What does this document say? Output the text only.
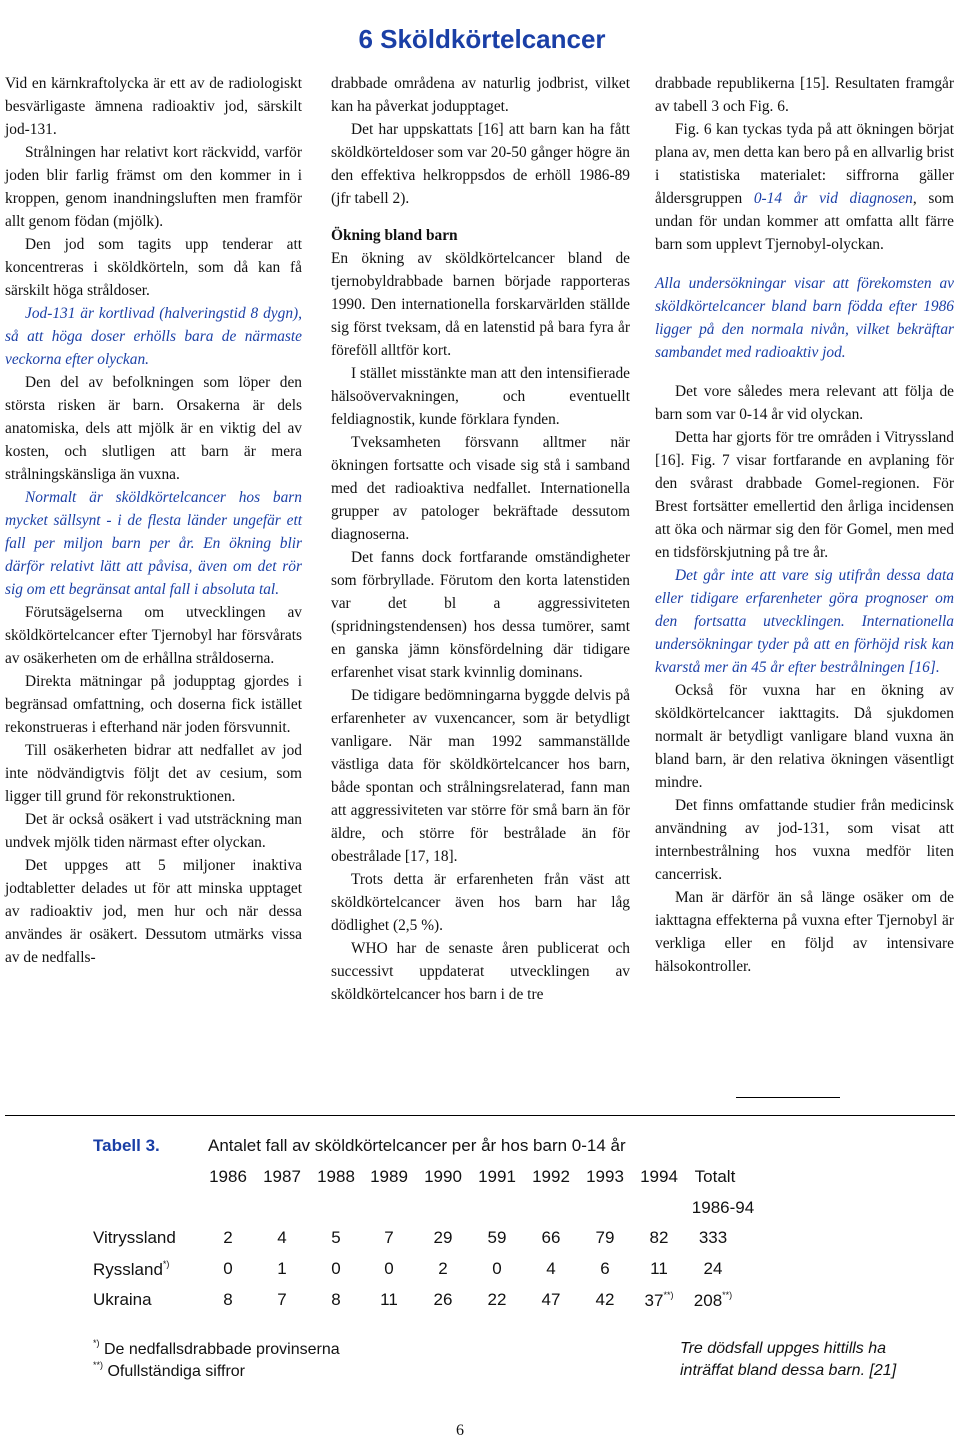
6 Sköldkörtelcancer

Vid en kärnkraftolycka är ett av de radiologiskt besvärligaste ämnena radioaktiv jod, särskilt jod-131.

Strålningen har relativt kort räckvidd, varför joden blir farlig främst om den kommer in i kroppen, genom inandningsluften men framför allt genom födan (mjölk).

Den jod som tagits upp tenderar att koncentreras i sköldkörteln, som då kan få särskilt höga stråldoser.

Jod-131 är kortlivad (halveringstid 8 dygn), så att höga doser erhölls bara de närmaste veckorna efter olyckan.

Den del av befolkningen som löper den största risken är barn. Orsakerna är dels anatomiska, dels att mjölk är en viktig del av kosten, och slutligen att barn är mera strålningskänsliga än vuxna.

Normalt är sköldkörtelcancer hos barn mycket sällsynt - i de flesta länder ungefär ett fall per miljon barn per år. En ökning blir därför relativt lätt att påvisa, även om det rör sig om ett begränsat antal fall i absoluta tal.

Förutsägelserna om utvecklingen av sköldkörtelcancer efter Tjernobyl har försvårats av osäkerheten om de erhållna stråldoserna.

Direkta mätningar på jodupptag gjordes i begränsad omfattning, och doserna fick istället rekonstrueras i efterhand när joden försvunnit.

Till osäkerheten bidrar att nedfallet av jod inte nödvändigtvis följt det av cesium, som ligger till grund för rekonstruktionen.

Det är också osäkert i vad utsträckning man undvek mjölk tiden närmast efter olyckan.

Det uppges att 5 miljoner inaktiva jodtabletter delades ut för att minska upptaget av radioaktiv jod, men hur och när dessa användes är osäkert. Dessutom utmärks vissa av de nedfalls-

drabbade områdena av naturlig jodbrist, vilket kan ha påverkat jodupptaget.

Det har uppskattats [16] att barn kan ha fått sköldkörteldoser som var 20-50 gånger högre än den effektiva helkroppsdos de erhöll 1986-89 (jfr tabell 2).

Ökning bland barn

En ökning av sköldkörtelcancer bland de tjernobyldrabbade barnen började rapporteras 1990. Den internationella forskarvärlden ställde sig först tveksam, då en latenstid på bara fyra år föreföll alltför kort.

I stället misstänkte man att den intensifierade hälsoövervakningen, och eventuellt feldiagnostik, kunde förklara fynden.

Tveksamheten försvann alltmer när ökningen fortsatte och visade sig stå i samband med det radioaktiva nedfallet. Internationella grupper av patologer bekräftade dessutom diagnoserna.

Det fanns dock fortfarande omständigheter som förbryllade. Förutom den korta latenstiden var det bl a aggressiviteten (spridningstendensen) hos dessa tumörer, samt en ganska jämn könsfördelning där tidigare erfarenhet visat stark kvinnlig dominans.

De tidigare bedömningarna byggde delvis på erfarenheter av vuxencancer, som är betydligt vanligare. När man 1992 sammanställde västliga data för sköldkörtelcancer hos barn, både spontan och strålningsrelaterad, fann man att aggressiviteten var större för små barn än för äldre, och större för bestrålade än för obestrålade [17, 18].

Trots detta är erfarenheten från väst att sköldkörtelcancer även hos barn har låg dödlighet (2,5 %).

WHO har de senaste åren publicerat och successivt uppdaterat utvecklingen av sköldkörtelcancer hos barn i de tre

drabbade republikerna [15]. Resultaten framgår av tabell 3 och Fig. 6.

Fig. 6 kan tyckas tyda på att ökningen börjat plana av, men detta kan bero på en allvarlig brist i statistiska materialet: siffrorna gäller åldersgruppen 0-14 år vid diagnosen, som undan för undan kommer att omfatta allt färre barn som upplevt Tjernobyl-olyckan.

Alla undersökningar visar att förekomsten av sköldkörtelcancer bland barn födda efter 1986 ligger på den normala nivån, vilket bekräftar sambandet med radioaktiv jod.

Det vore således mera relevant att följa de barn som var 0-14 år vid olyckan.

Detta har gjorts för tre områden i Vitryssland [16]. Fig. 7 visar fortfarande en avplaning för den svårast drabbade Gomel-regionen. För Brest fortsätter emellertid den årliga incidensen att öka och närmar sig den för Gomel, men med en tidsförskjutning på tre år.

Det går inte att vare sig utifrån dessa data eller tidigare erfarenheter göra prognoser om den fortsatta utvecklingen. Internationella undersökningar tyder på att en förhöjd risk kan kvarstå mer än 45 år efter bestrålningen [16].

Också för vuxna har en ökning av sköldkörtelcancer iakttagits. Då sjukdomen normalt är betydligt vanligare bland vuxna än bland barn, är den relativa ökningen väsentligt mindre.

Det finns omfattande studier från medicinsk användning av jod-131, som visat att internbestrålning hos vuxna medför liten cancerrisk.

Man är därför än så länge osäker om de iakttagna effekterna på vuxna efter Tjernobyl är verkliga eller en följd av intensivare hälsokontroller.

Tabell 3.	Antalet fall av sköldkörtelcancer per år hos barn 0-14 år
1986 1987 1988 1989 1990 1991 1992 1993 1994 Totalt
1986-94
Vitryssland	2	4	5	7	29	59	66	79	82	333
Ryssland*)	0	1	0	0	2	0	4	6	11	24
Ukraina	8	7	8	11	26	22	47	42	37**)	208**)
*) De nedfallsdrabbade provinserna
**) Ofullständiga siffror
Tre dödsfall uppges hittills ha
inträffat bland dessa barn. [21]
6
